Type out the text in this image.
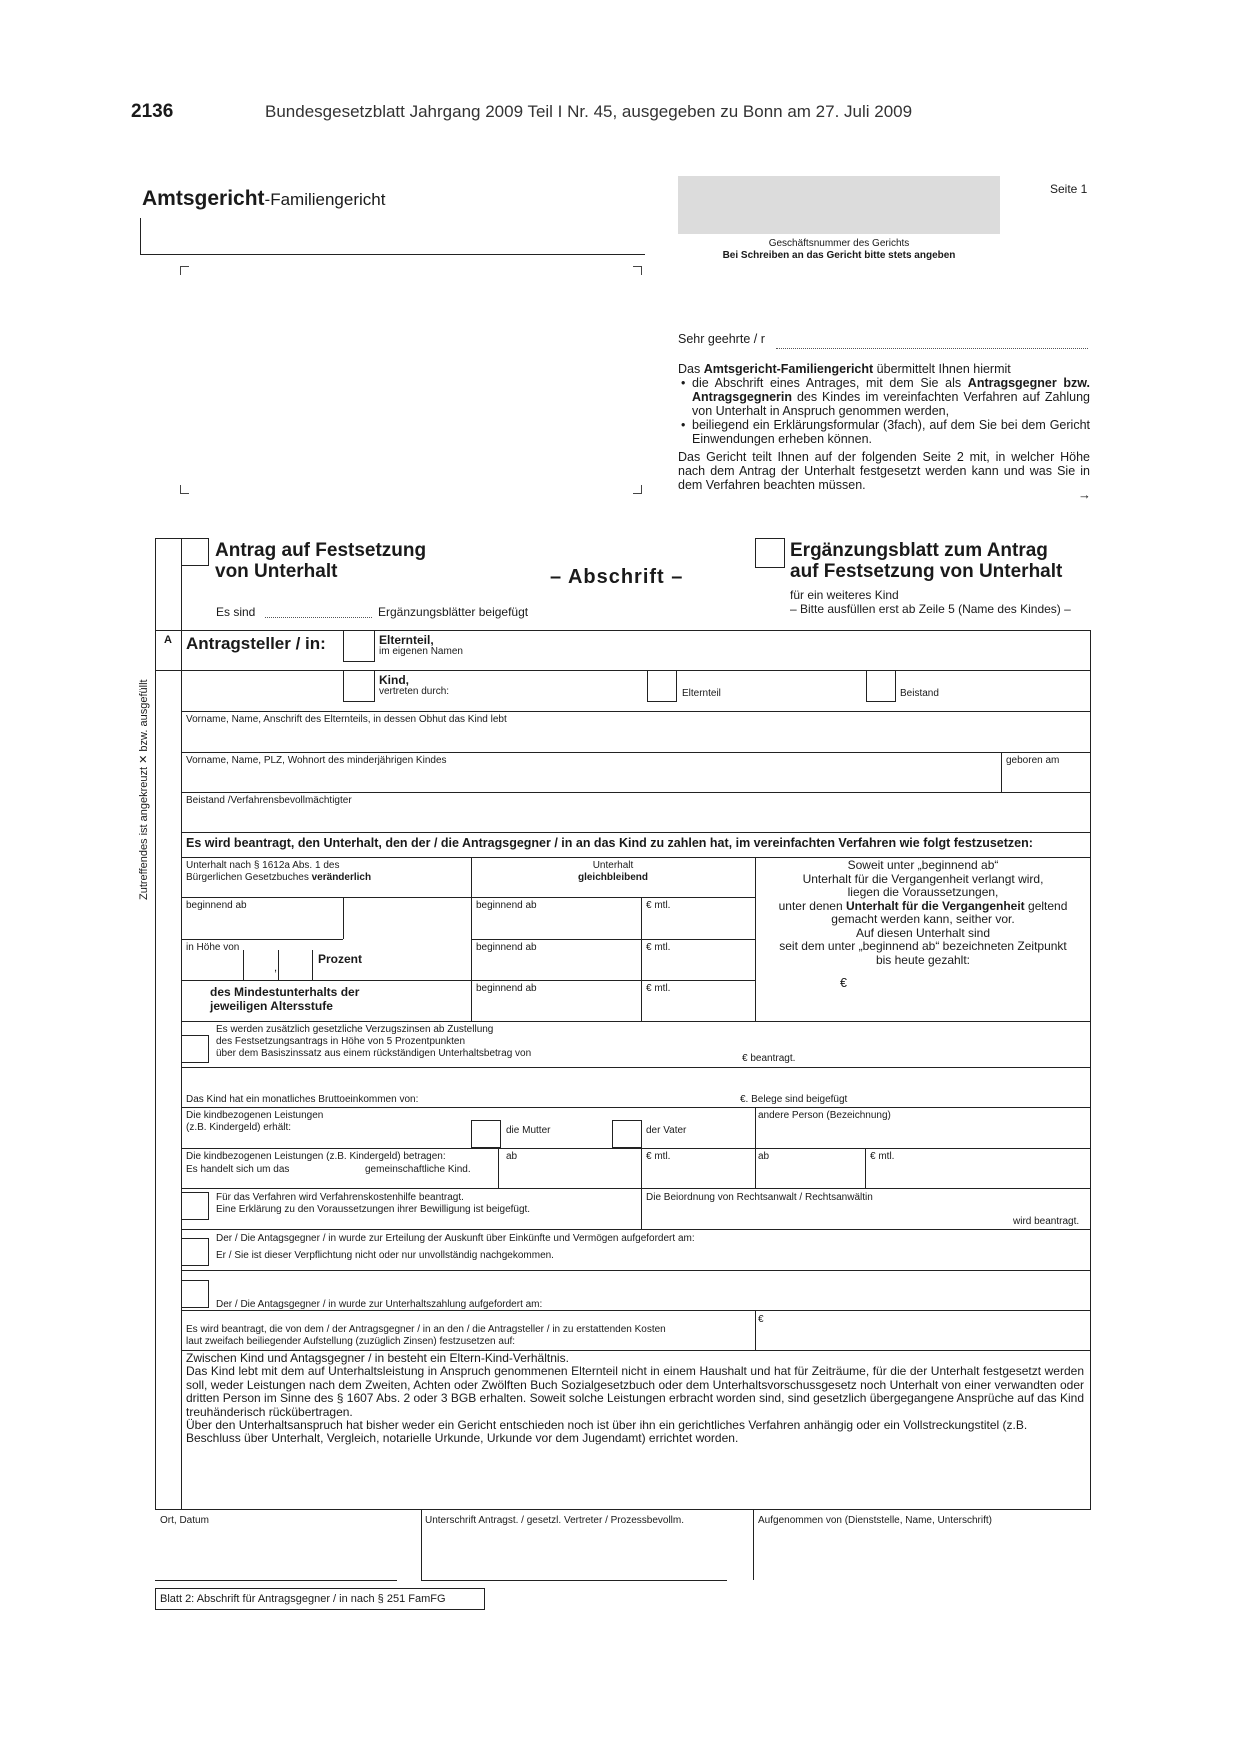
2136	Bundesgesetzblatt Jahrgang 2009 Teil I Nr. 45, ausgegeben zu Bonn am 27. Juli 2009
Amtsgericht-Familiengericht
Seite 1
Geschäftsnummer des Gerichts
Bei Schreiben an das Gericht bitte stets angeben
Sehr geehrte / r
Das Amtsgericht-Familiengericht übermittelt Ihnen hiermit
• die Abschrift eines Antrages, mit dem Sie als Antragsgegner bzw. Antragsgegnerin des Kindes im vereinfachten Verfahren auf Zahlung von Unterhalt in Anspruch genommen werden,
• beiliegend ein Erklärungsformular (3fach), auf dem Sie bei dem Gericht Einwendungen erheben können.
Das Gericht teilt Ihnen auf der folgenden Seite 2 mit, in welcher Höhe nach dem Antrag der Unterhalt festgesetzt werden kann und was Sie in dem Verfahren beachten müssen.
→
Zutreffendes ist angekreuzt ✕ bzw. ausgefüllt
Antrag auf Festsetzung
von Unterhalt	– Abschrift –
Ergänzungsblatt zum Antrag
auf Festsetzung von Unterhalt
für ein weiteres Kind
– Bitte ausfüllen erst ab Zeile 5 (Name des Kindes) –
Es sind	Ergänzungsblätter beigefügt
A Antragsteller / in:	Elternteil,
im eigenen Namen
Kind,
vertreten durch:	Elternteil	Beistand
Vorname, Name, Anschrift des Elternteils, in dessen Obhut das Kind lebt
Vorname, Name, PLZ, Wohnort des minderjährigen Kindes	geboren am
Beistand /Verfahrensbevollmächtigter
Es wird beantragt, den Unterhalt, den der / die Antragsgegner / in an das Kind zu zahlen hat, im vereinfachten Verfahren wie folgt festzusetzen:
Unterhalt nach § 1612a Abs. 1 des
Bürgerlichen Gesetzbuches veränderlich
Unterhalt
gleichbleibend
Soweit unter „beginnend ab“
Unterhalt für die Vergangenheit verlangt wird,
liegen die Voraussetzungen,
unter denen Unterhalt für die Vergangenheit geltend
gemacht werden kann, seither vor.
Auf diesen Unterhalt sind
seit dem unter „beginnend ab“ bezeichneten Zeitpunkt
bis heute gezahlt:
€
beginnend ab	beginnend ab	€ mtl.
in Höhe von
,
Prozent
beginnend ab	€ mtl.
des Mindestunterhalts der
jeweiligen Altersstufe
beginnend ab	€ mtl.
Es werden zusätzlich gesetzliche Verzugszinsen ab Zustellung
des Festsetzungsantrags in Höhe von 5 Prozentpunkten
über dem Basiszinssatz aus einem rückständigen Unterhaltsbetrag von	€ beantragt.
Das Kind hat ein monatliches Bruttoeinkommen von:	€. Belege sind beigefügt
Die kindbezogenen Leistungen
(z.B. Kindergeld) erhält:	die Mutter	der Vater
andere Person (Bezeichnung)
Die kindbezogenen Leistungen (z.B. Kindergeld) betragen:
Es handelt sich um das	gemeinschaftliche Kind.
ab	€ mtl.	ab	€ mtl.
Für das Verfahren wird Verfahrenskostenhilfe beantragt.
Eine Erklärung zu den Voraussetzungen ihrer Bewilligung ist beigefügt.
Die Beiordnung von Rechtsanwalt / Rechtsanwältin
wird beantragt.
Der / Die Antagsgegner / in wurde zur Erteilung der Auskunft über Einkünfte und Vermögen aufgefordert am:
Er / Sie ist dieser Verpflichtung nicht oder nur unvollständig nachgekommen.
Der / Die Antagsgegner / in wurde zur Unterhaltszahlung aufgefordert am:
Es wird beantragt, die von dem / der Antragsgegner / in an den / die Antragsteller / in zu erstattenden Kosten
laut zweifach beiliegender Aufstellung (zuzüglich Zinsen) festzusetzen auf:
€
Zwischen Kind und Antagsgegner / in besteht ein Eltern-Kind-Verhältnis.
Das Kind lebt mit dem auf Unterhaltsleistung in Anspruch genommenen Elternteil nicht in einem Haushalt und hat für Zeiträume, für die der Unterhalt festgesetzt werden soll, weder Leistungen nach dem Zweiten, Achten oder Zwölften Buch Sozialgesetzbuch oder dem Unterhaltsvorschussgesetz noch Unterhalt von einer verwandten oder dritten Person im Sinne des § 1607 Abs. 2 oder 3 BGB erhalten. Soweit solche Leistungen erbracht worden sind, sind gesetzlich übergegangene Ansprüche auf das Kind treuhänderisch rückübertragen.
Über den Unterhaltsanspruch hat bisher weder ein Gericht entschieden noch ist über ihn ein gerichtliches Verfahren anhängig oder ein Vollstreckungstitel (z.B. Beschluss über Unterhalt, Vergleich, notarielle Urkunde, Urkunde vor dem Jugendamt) errichtet worden.
Ort, Datum	Unterschrift Antragst. / gesetzl. Vertreter / Prozessbevollm.	Aufgenommen von (Dienststelle, Name, Unterschrift)
Blatt 2: Abschrift für Antragsgegner / in nach § 251 FamFG
